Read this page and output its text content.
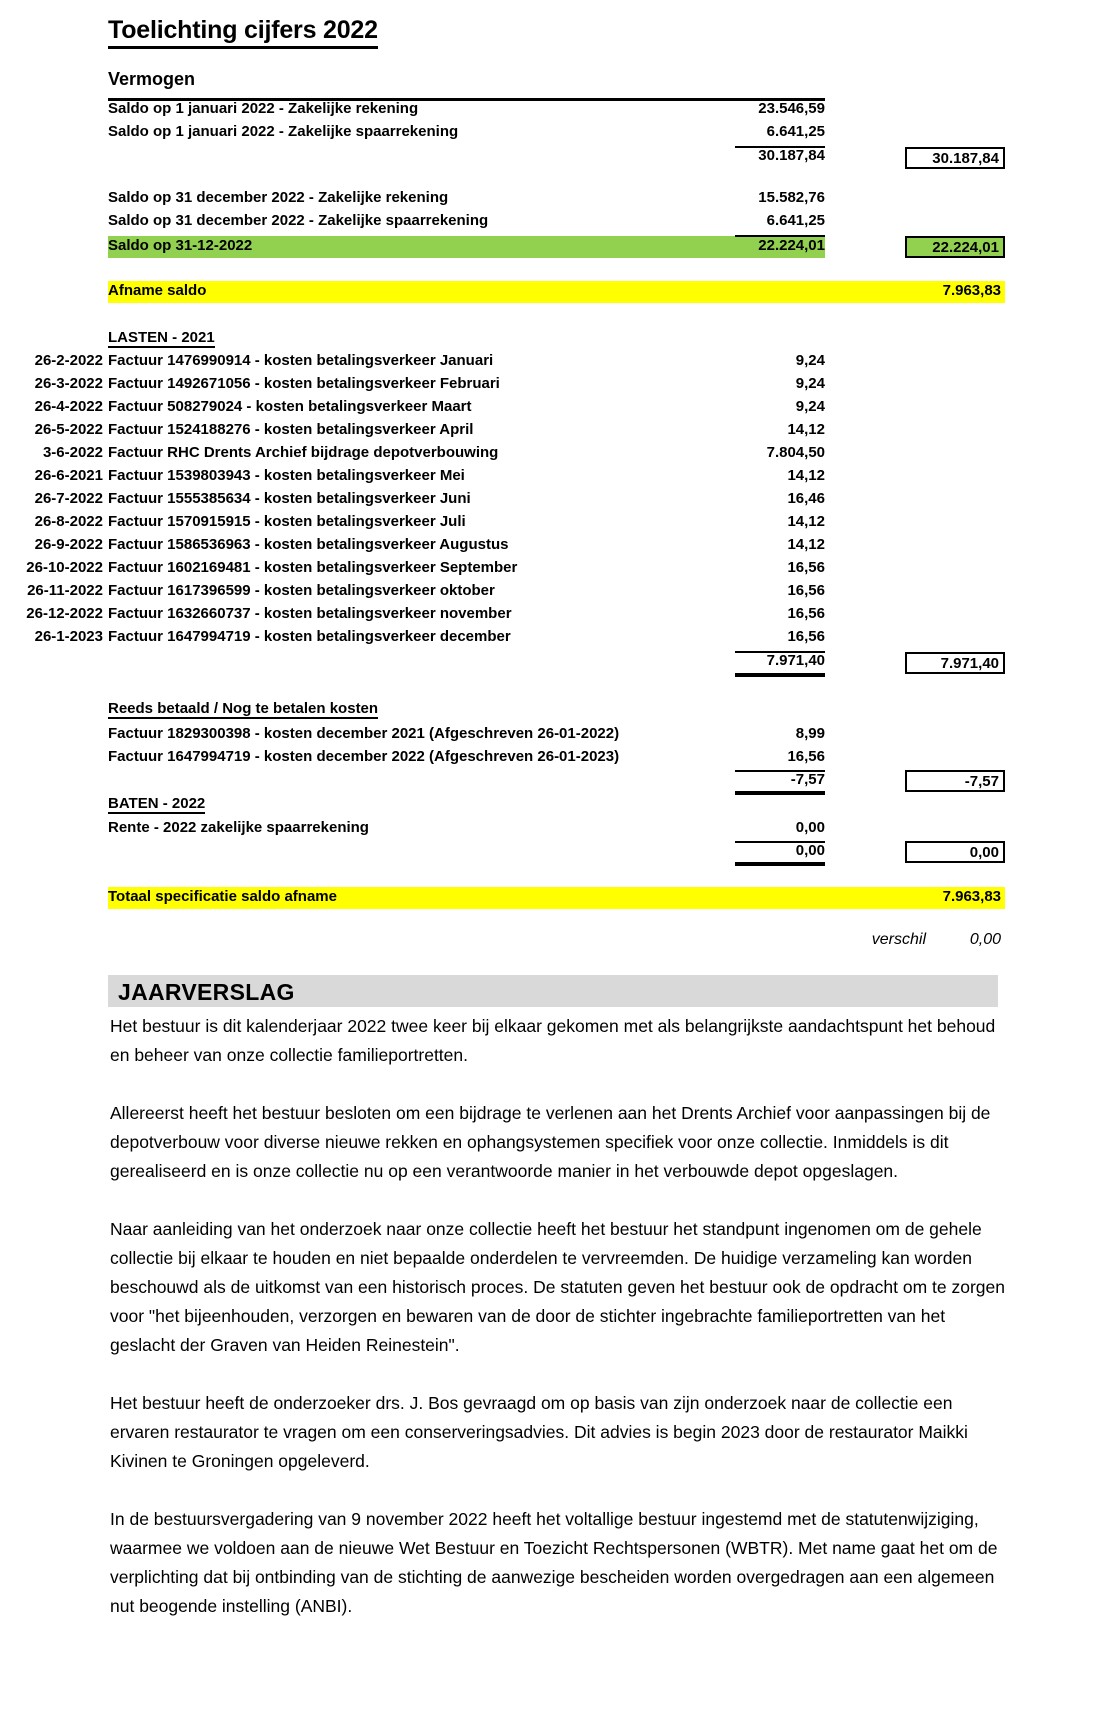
Toelichting cijfers 2022
Vermogen
Saldo op 1 januari 2022 - Zakelijke rekening	23.546,59
Saldo op 1 januari 2022 - Zakelijke spaarrekening	6.641,25
30.187,84	30.187,84
Saldo op 31 december 2022 - Zakelijke rekening	15.582,76
Saldo op 31 december 2022 - Zakelijke spaarrekening	6.641,25
Saldo op 31-12-2022	22.224,01	22.224,01
Afname saldo	7.963,83
LASTEN - 2021
26-2-2022 Factuur 1476990914 - kosten betalingsverkeer Januari	9,24
26-3-2022 Factuur 1492671056 - kosten betalingsverkeer Februari	9,24
26-4-2022 Factuur 508279024 - kosten betalingsverkeer Maart	9,24
26-5-2022 Factuur 1524188276 - kosten betalingsverkeer April	14,12
3-6-2022 Factuur RHC Drents Archief bijdrage depotverbouwing	7.804,50
26-6-2021 Factuur 1539803943 - kosten betalingsverkeer Mei	14,12
26-7-2022 Factuur 1555385634 - kosten betalingsverkeer Juni	16,46
26-8-2022 Factuur 1570915915 - kosten betalingsverkeer Juli	14,12
26-9-2022 Factuur 1586536963 - kosten betalingsverkeer Augustus	14,12
26-10-2022 Factuur 1602169481 - kosten betalingsverkeer September	16,56
26-11-2022 Factuur 1617396599 - kosten betalingsverkeer oktober	16,56
26-12-2022 Factuur 1632660737 - kosten betalingsverkeer november	16,56
26-1-2023 Factuur 1647994719 - kosten betalingsverkeer december	16,56
7.971,40	7.971,40
Reeds betaald / Nog te betalen kosten
Factuur 1829300398 - kosten december 2021 (Afgeschreven 26-01-2022)	8,99
Factuur 1647994719 - kosten december 2022 (Afgeschreven 26-01-2023)	16,56
-7,57	-7,57
BATEN - 2022
Rente - 2022 zakelijke spaarrekening	0,00
0,00	0,00
Totaal specificatie saldo afname	7.963,83
verschil	0,00
JAARVERSLAG

Het bestuur is dit kalenderjaar 2022 twee keer bij elkaar gekomen met als belangrijkste aandachtspunt het behoud en beheer van onze collectie familieportretten.

Allereerst heeft het bestuur besloten om een bijdrage te verlenen aan het Drents Archief voor aanpassingen bij de depotverbouw voor diverse nieuwe rekken en ophangsystemen specifiek voor onze collectie. Inmiddels is dit gerealiseerd en is onze collectie nu op een verantwoorde manier in het verbouwde depot opgeslagen.

Naar aanleiding van het onderzoek naar onze collectie heeft het bestuur het standpunt ingenomen om de gehele collectie bij elkaar te houden en niet bepaalde onderdelen te vervreemden. De huidige verzameling kan worden beschouwd als de uitkomst van een historisch proces. De statuten geven het bestuur ook de opdracht om te zorgen voor "het bijeenhouden, verzorgen en bewaren van de door de stichter ingebrachte familieportretten van het geslacht der Graven van Heiden Reinestein".

Het bestuur heeft de onderzoeker drs. J. Bos gevraagd om op basis van zijn onderzoek naar de collectie een ervaren restaurator te vragen om een conserveringsadvies. Dit advies is begin 2023 door de restaurator Maikki Kivinen te Groningen opgeleverd.

In de bestuursvergadering van 9 november 2022 heeft het voltallige bestuur ingestemd met de statutenwijziging, waarmee we voldoen aan de nieuwe Wet Bestuur en Toezicht Rechtspersonen (WBTR). Met name gaat het om de verplichting dat bij ontbinding van de stichting de aanwezige bescheiden worden overgedragen aan een algemeen nut beogende instelling (ANBI).
